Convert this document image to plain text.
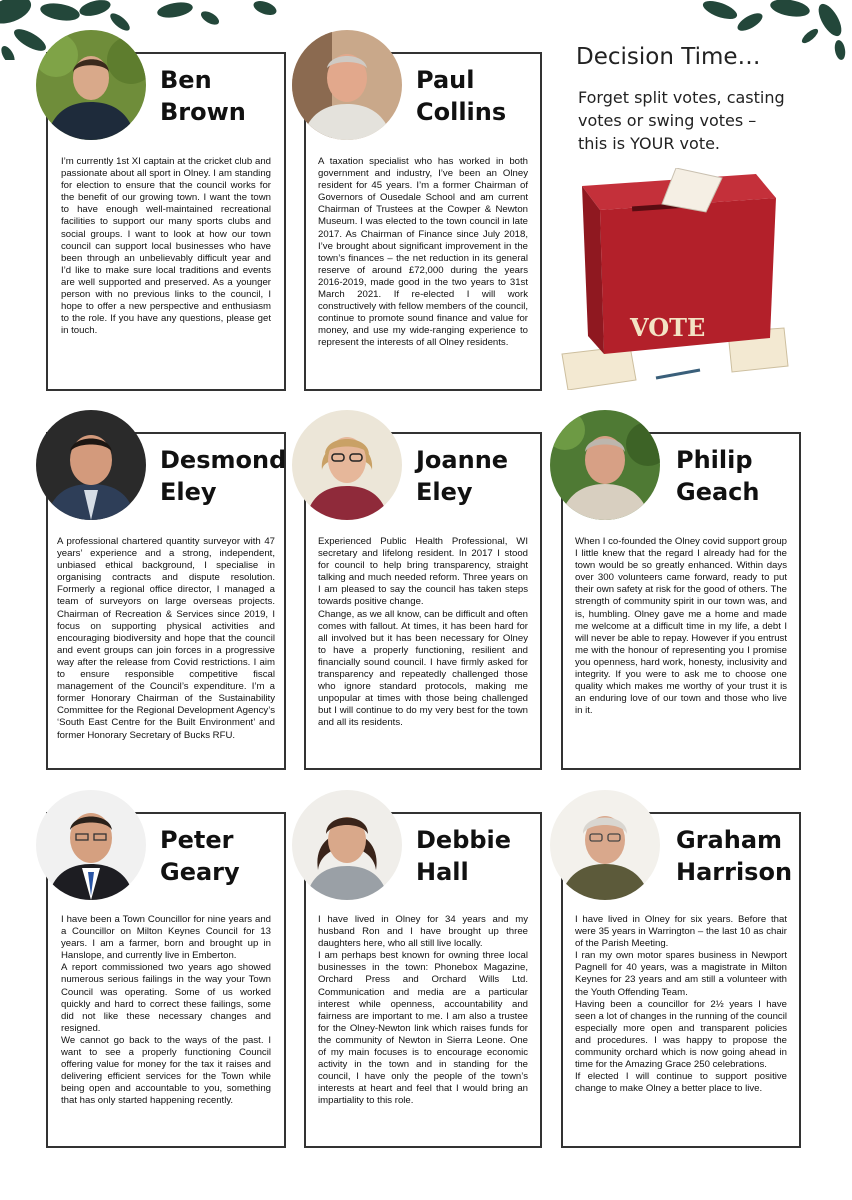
Decision Time…
Forget split votes, casting
votes or swing votes –
this is YOUR vote.
VOTE
Ben
Brown

I’m currently 1st XI captain at the cricket club and passionate about all sport in Olney. I am standing for election to ensure that the council works for the benefit of our growing town. I want the town to have enough well-maintained recreational facilities to support our many sports clubs and social groups. I want to look at how our town council can support local businesses who have been through an unbelievably difficult year and I’d like to make sure local traditions and events are well supported and preserved. As a younger person with no previous links to the council, I hope to offer a new perspective and enthusiasm to the role. If you have any questions, please get in touch.

Paul
Collins

A taxation specialist who has worked in both government and industry, I’ve been an Olney resident for 45 years. I’m a former Chairman of Governors of Ousedale School and am current Chairman of Trustees at the Cowper & Newton Museum. I was elected to the town council in late 2017. As Chairman of Finance since July 2018, I’ve brought about significant improvement in the town’s finances – the net reduction in its general reserve of around £72,000 during the years 2016-2019, made good in the two years to 31st March 2021. If re-elected I will work constructively with fellow members of the council, continue to promote sound finance and value for money, and use my wide-ranging experience to represent the interests of all Olney residents.

Desmond
Eley

A professional chartered quantity surveyor with 47 years’ experience and a strong, independent, unbiased ethical background, I specialise in organising contracts and dispute resolution. Formerly a regional office director, I managed a team of surveyors on large overseas projects. Chairman of Recreation & Services since 2019, I focus on supporting physical activities and encouraging biodiversity and hope that the council and event groups can join forces in a progressive way after the release from Covid restrictions. I aim to ensure responsible competitive fiscal management of the Council’s expenditure. I’m a former Honorary Chairman of the Sustainability Committee for the Regional Development Agency’s ‘South East Centre for the Built Environment’ and former Honorary Secretary of Bucks RFU.

Joanne
Eley

Experienced Public Health Professional, WI secretary and lifelong resident. In 2017 I stood for council to help bring transparency, straight talking and much needed reform. Three years on I am pleased to say the council has taken steps towards positive change.

Change, as we all know, can be difficult and often comes with fallout. At times, it has been hard for all involved but it has been necessary for Olney to have a properly functioning, resilient and financially sound council. I have firmly asked for transparency and repeatedly challenged those who ignore standard protocols, making me unpopular at times with those being challenged but I will continue to do my very best for the town and all its residents.

Philip
Geach

When I co-founded the Olney covid support group I little knew that the regard I already had for the town would be so greatly enhanced. Within days over 300 volunteers came forward, ready to put their own safety at risk for the good of others. The strength of community spirit in our town was, and is, humbling. Olney gave me a home and made me welcome at a difficult time in my life, a debt I will never be able to repay. However if you entrust me with the honour of representing you I promise you openness, hard work, honesty, inclusivity and integrity. If you were to ask me to choose one quality which makes me worthy of your trust it is an enduring love of our town and those who live in it.

Peter
Geary

I have been a Town Councillor for nine years and a Councillor on Milton Keynes Council for 13 years. I am a farmer, born and brought up in Hanslope, and currently live in Emberton.

A report commissioned two years ago showed numerous serious failings in the way your Town Council was operating. Some of us worked quickly and hard to correct these failings, some did not like these necessary changes and resigned.

We cannot go back to the ways of the past. I want to see a properly functioning Council offering value for money for the tax it raises and delivering efficient services for the Town while being open and accountable to you, something that has only started happening recently.

Debbie
Hall

I have lived in Olney for 34 years and my husband Ron and I have brought up three daughters here, who all still live locally.

I am perhaps best known for owning three local businesses in the town: Phonebox Magazine, Orchard Press and Orchard Wills Ltd. Communication and media are a particular interest while openness, accountability and fairness are important to me. I am also a trustee for the Olney-Newton link which raises funds for the community of Newton in Sierra Leone. One of my main focuses is to encourage economic activity in the town and in standing for the council, I have only the people of the town’s interests at heart and feel that I would bring an impartiality to this role.

Graham
Harrison

I have lived in Olney for six years. Before that were 35 years in Warrington – the last 10 as chair of the Parish Meeting.

I ran my own motor spares business in Newport Pagnell for 40 years, was a magistrate in Milton Keynes for 23 years and am still a volunteer with the Youth Offending Team.

Having been a councillor for 2½ years I have seen a lot of changes in the running of the council especially more open and transparent policies and procedures. I was happy to propose the community orchard which is now going ahead in time for the Amazing Grace 250 celebrations.

If elected I will continue to support positive change to make Olney a better place to live.
